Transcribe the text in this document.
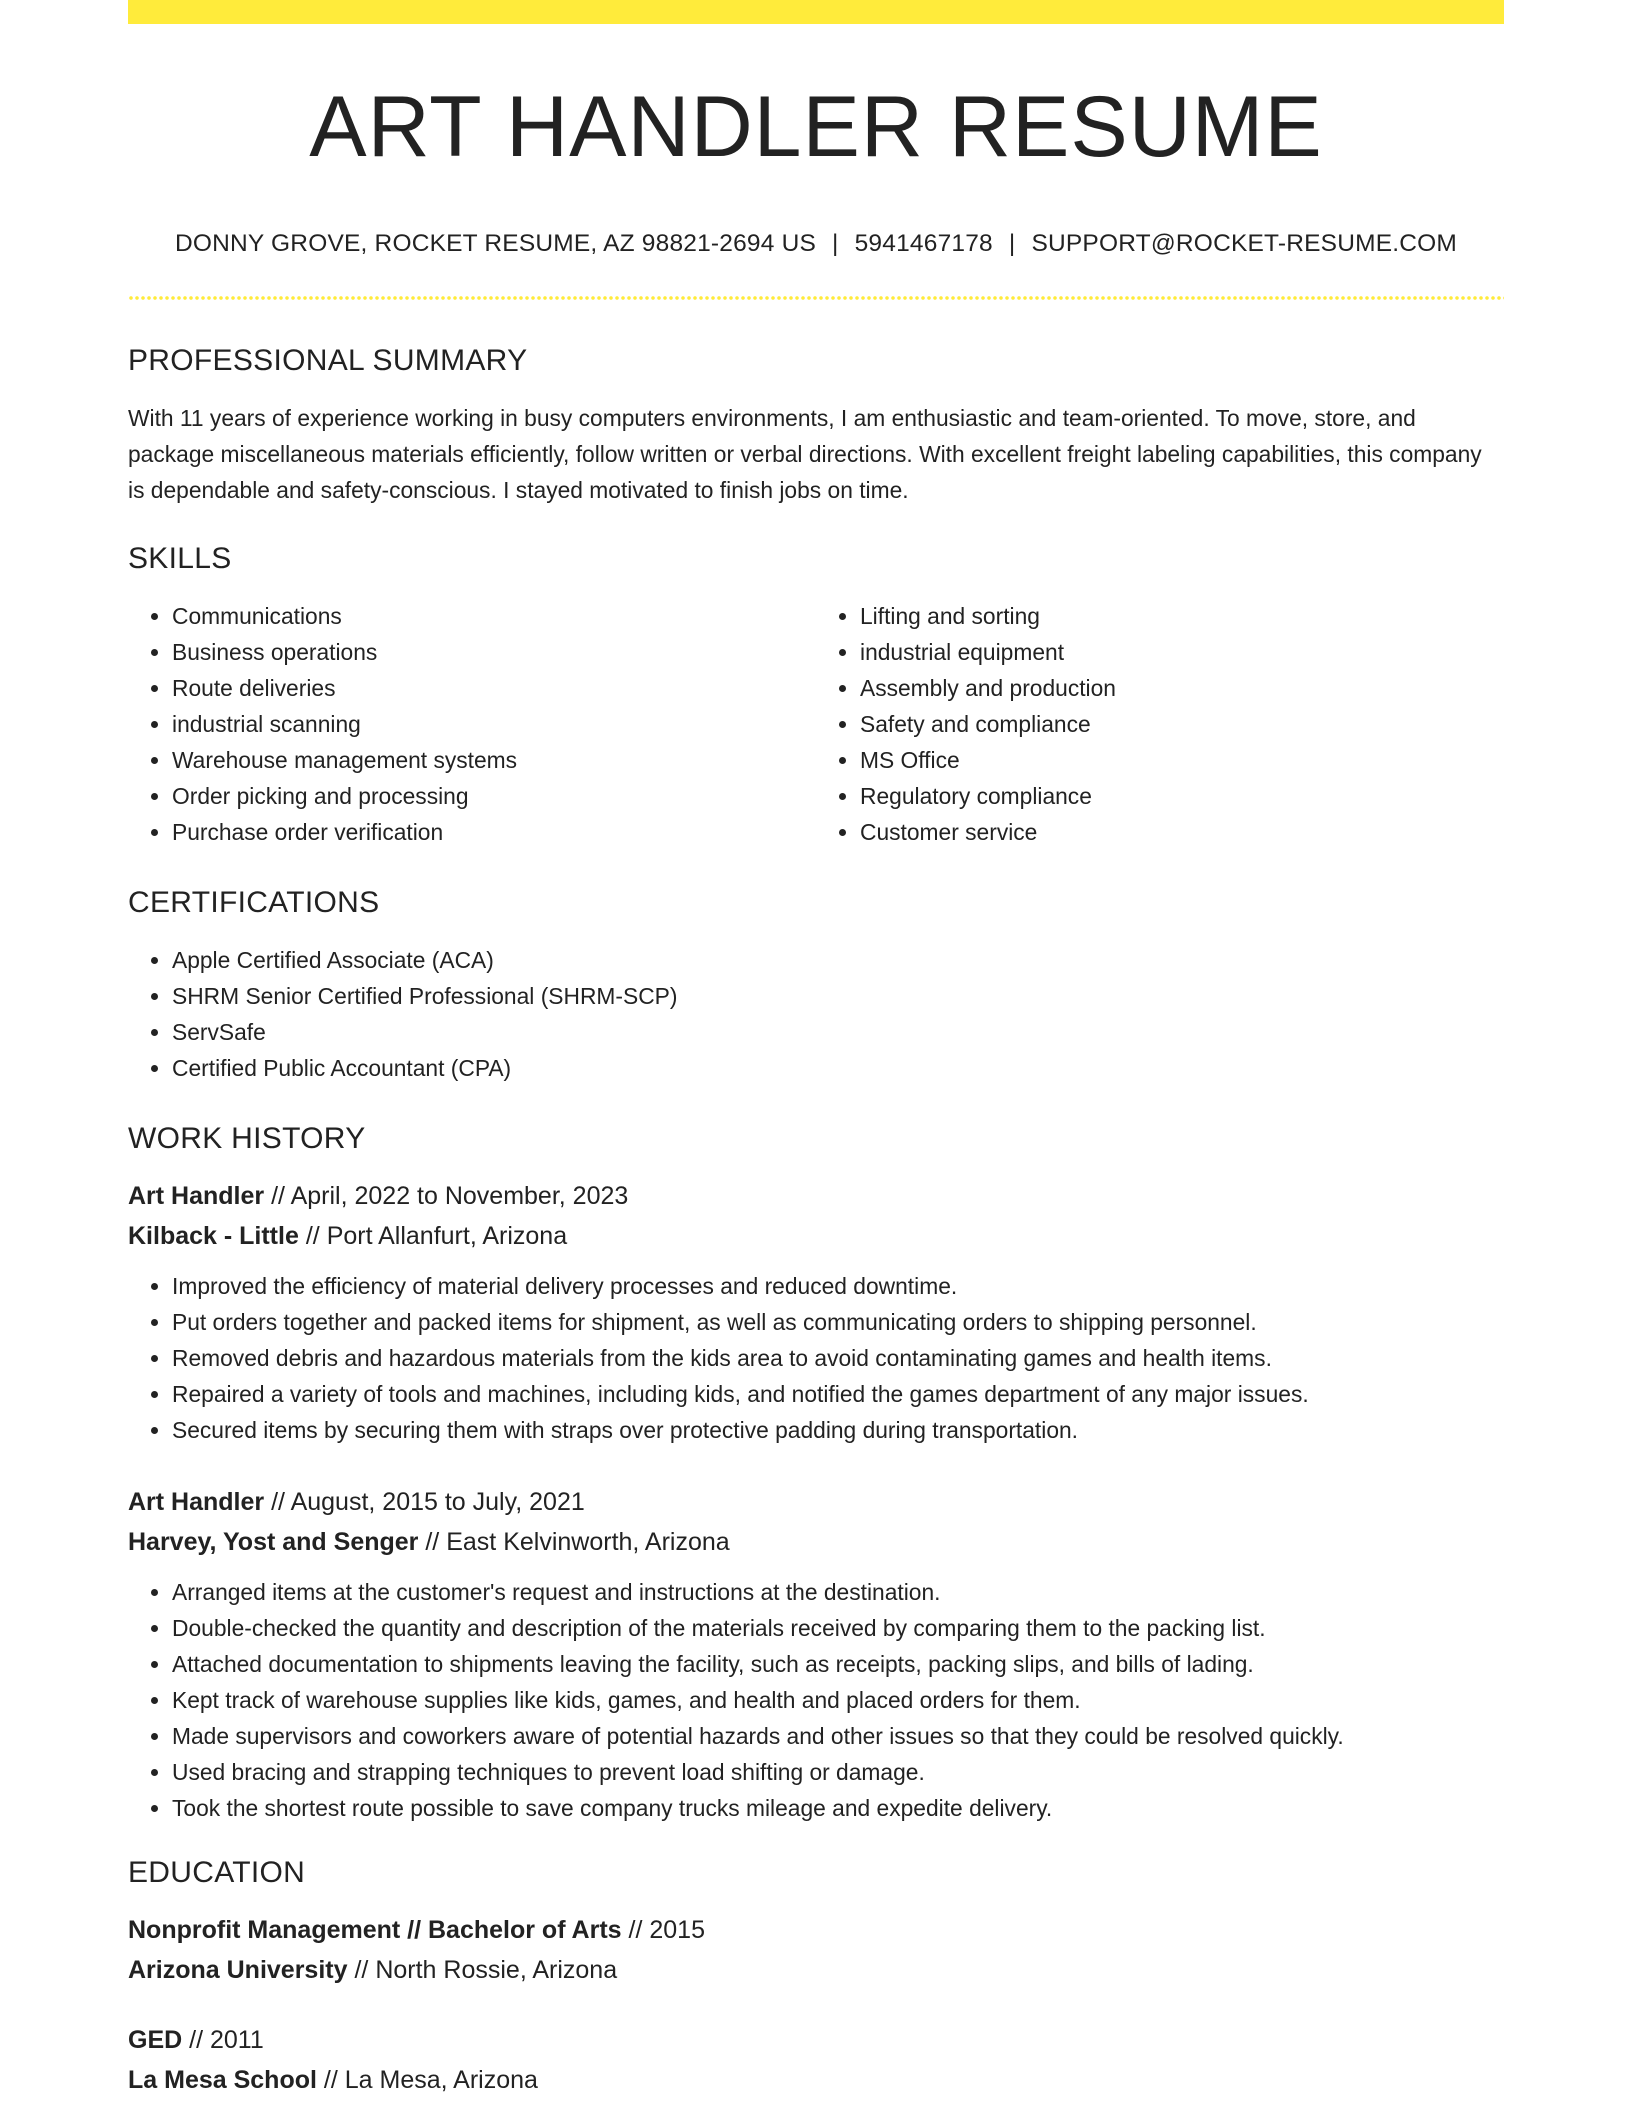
ART HANDLER RESUME
DONNY GROVE, ROCKET RESUME, AZ 98821-2694 US | 5941467178 | SUPPORT@ROCKET-RESUME.COM
PROFESSIONAL SUMMARY

With 11 years of experience working in busy computers environments, I am enthusiastic and team-oriented. To move, store, and package miscellaneous materials efficiently, follow written or verbal directions. With excellent freight labeling capabilities, this company is dependable and safety-conscious. I stayed motivated to finish jobs on time.

SKILLS
• Communications
• Business operations
• Route deliveries
• industrial scanning
• Warehouse management systems
• Order picking and processing
• Purchase order verification
• Lifting and sorting
• industrial equipment
• Assembly and production
• Safety and compliance
• MS Office
• Regulatory compliance
• Customer service
CERTIFICATIONS
• Apple Certified Associate (ACA)
• SHRM Senior Certified Professional (SHRM-SCP)
• ServSafe
• Certified Public Accountant (CPA)
WORK HISTORY
Art Handler // April, 2022 to November, 2023
Kilback - Little // Port Allanfurt, Arizona
• Improved the efficiency of material delivery processes and reduced downtime.
• Put orders together and packed items for shipment, as well as communicating orders to shipping personnel.
• Removed debris and hazardous materials from the kids area to avoid contaminating games and health items.
• Repaired a variety of tools and machines, including kids, and notified the games department of any major issues.
• Secured items by securing them with straps over protective padding during transportation.
Art Handler // August, 2015 to July, 2021
Harvey, Yost and Senger // East Kelvinworth, Arizona
• Arranged items at the customer's request and instructions at the destination.
• Double-checked the quantity and description of the materials received by comparing them to the packing list.
• Attached documentation to shipments leaving the facility, such as receipts, packing slips, and bills of lading.
• Kept track of warehouse supplies like kids, games, and health and placed orders for them.
• Made supervisors and coworkers aware of potential hazards and other issues so that they could be resolved quickly.
• Used bracing and strapping techniques to prevent load shifting or damage.
• Took the shortest route possible to save company trucks mileage and expedite delivery.
EDUCATION
Nonprofit Management // Bachelor of Arts // 2015
Arizona University // North Rossie, Arizona
GED // 2011
La Mesa School // La Mesa, Arizona
